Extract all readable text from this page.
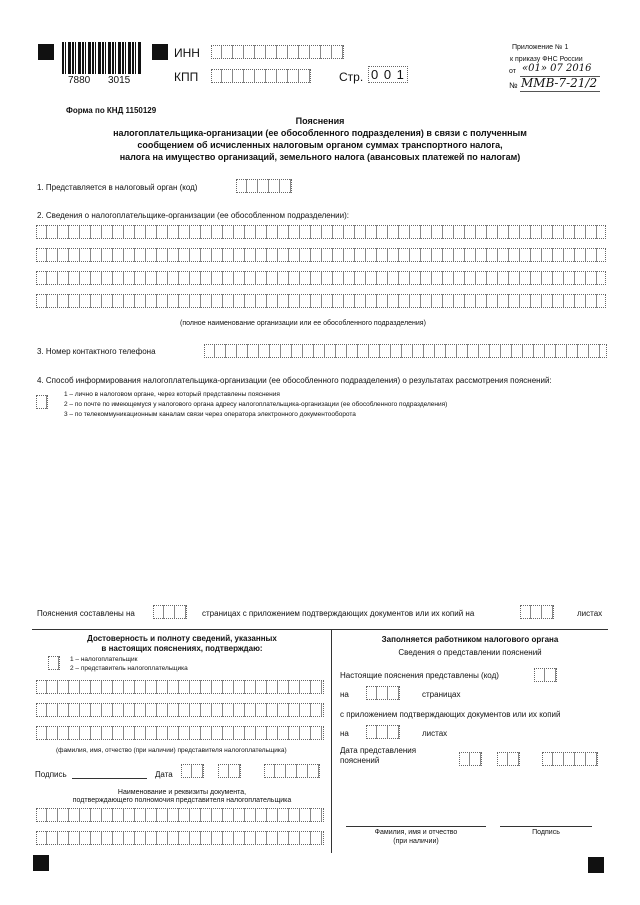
7880 3015
ИНН
КПП	Стр. 0 0 1
Приложение № 1
к приказу ФНС России
от «01» 07 2016
№ ММВ-7-21/2
Форма по КНД 1150129
Пояснения
налогоплательщика-организации (ее обособленного подразделения) в связи с полученным
сообщением об исчисленных налоговым органом суммах транспортного налога,
налога на имущество организаций, земельного налога (авансовых платежей по налогам)
1. Представляется в налоговый орган (код)
2. Сведения о налогоплательщике-организации (ее обособленном подразделении):
(полное наименование организации или ее обособленного подразделения)
3. Номер контактного телефона
4. Способ информирования налогоплательщика-организации (ее обособленного подразделения) о результатах рассмотрения пояснений:
1 – лично в налоговом органе, через который представлены пояснения
2 – по почте по имеющемуся у налогового органа адресу налогоплательщика-организации (ее обособленного подразделения)
3 – по телекоммуникационным каналам связи через оператора электронного документооборота
Пояснения составлены на	страницах с приложением подтверждающих документов или их копий на	листах
Достоверность и полноту сведений, указанных
в настоящих пояснениях, подтверждаю:
1 – налогоплательщик
2 – представитель налогоплательщика
(фамилия, имя, отчество (при наличии) представителя налогоплательщика)
Подпись	Дата
Наименование и реквизиты документа,
подтверждающего полномочия представителя налогоплательщика
Заполняется работником налогового органа
Сведения о представлении пояснений
Настоящие пояснения представлены (код)
на	страницах
с приложением подтверждающих документов или их копий
на	листах
Дата представления
пояснений
Фамилия, имя и отчество
(при наличии)
Подпись
